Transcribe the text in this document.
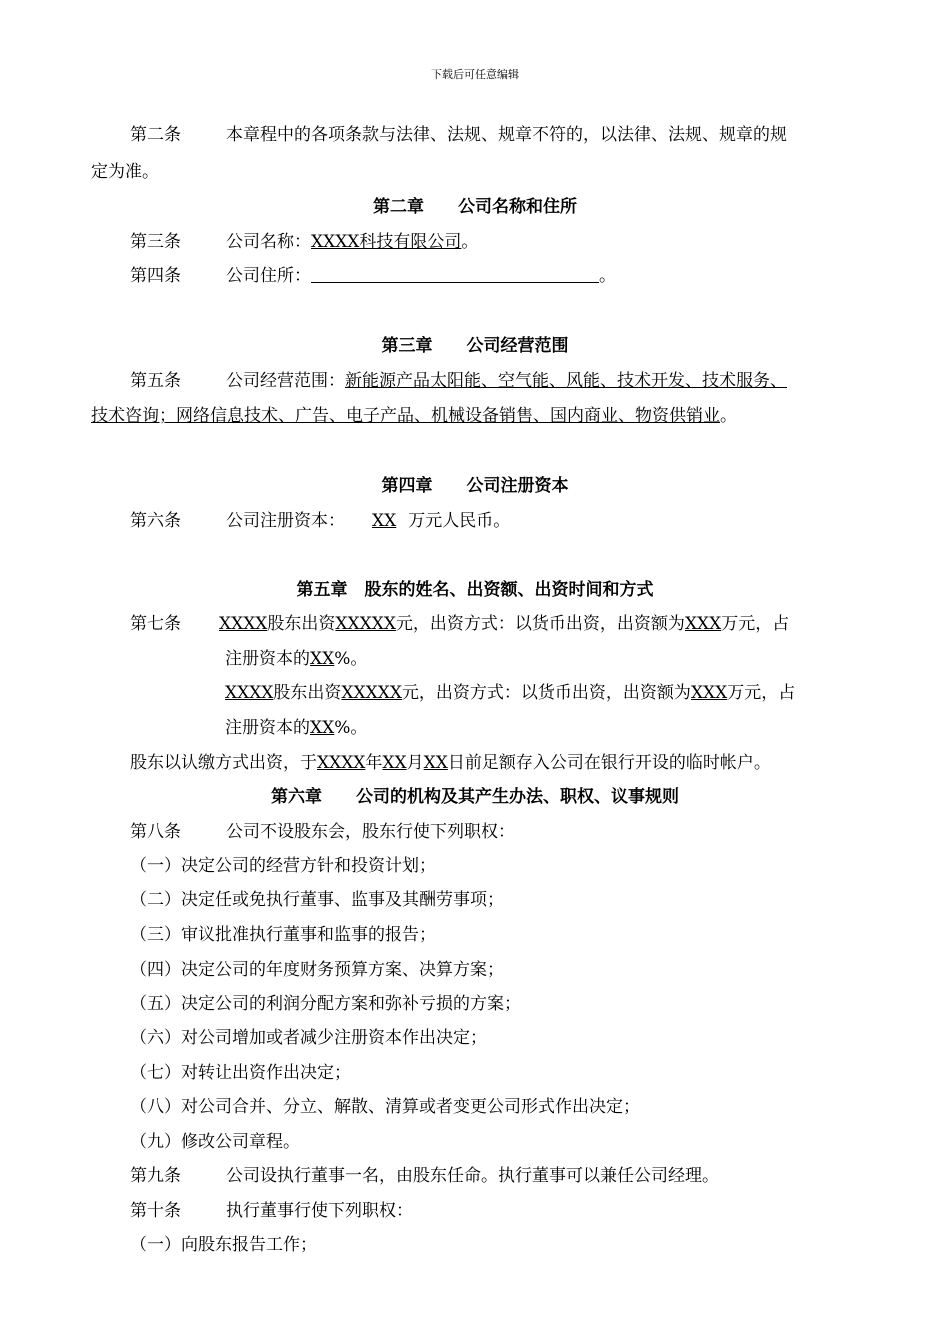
下载后可任意编辑
第二条	本章程中的各项条款与法律、法规、规章不符的，以法律、法规、规章的规
定为准。
第二章 公司名称和住所
第三条	公司名称：XXXX科技有限公司。
第四条	公司住所：	。
第三章 公司经营范围
第五条	公司经营范围：新能源产品太阳能、空气能、风能、技术开发、技术服务、
技术咨询；网络信息技术、广告、电子产品、机械设备销售、国内商业、物资供销业。
第四章 公司注册资本
第六条	公司注册资本： XX 万元人民币。
第五章 股东的姓名、出资额、出资时间和方式
第七条 XXXX股东出资XXXXX元，出资方式：以货币出资，出资额为XXX万元，占
注册资本的XX%。
XXXX股东出资XXXXX元，出资方式：以货币出资，出资额为XXX万元，占
注册资本的XX%。
股东以认缴方式出资，于XXXX年XX月XX日前足额存入公司在银行开设的临时帐户。
第六章 公司的机构及其产生办法、职权、议事规则
第八条	公司不设股东会，股东行使下列职权：
（一）决定公司的经营方针和投资计划；
（二）决定任或免执行董事、监事及其酬劳事项；
（三）审议批准执行董事和监事的报告；
（四）决定公司的年度财务预算方案、决算方案；
（五）决定公司的利润分配方案和弥补亏损的方案；
（六）对公司增加或者减少注册资本作出决定；
（七）对转让出资作出决定；
（八）对公司合并、分立、解散、清算或者变更公司形式作出决定；
（九）修改公司章程。
第九条	公司设执行董事一名，由股东任命。执行董事可以兼任公司经理。
第十条	执行董事行使下列职权：
（一）向股东报告工作；
